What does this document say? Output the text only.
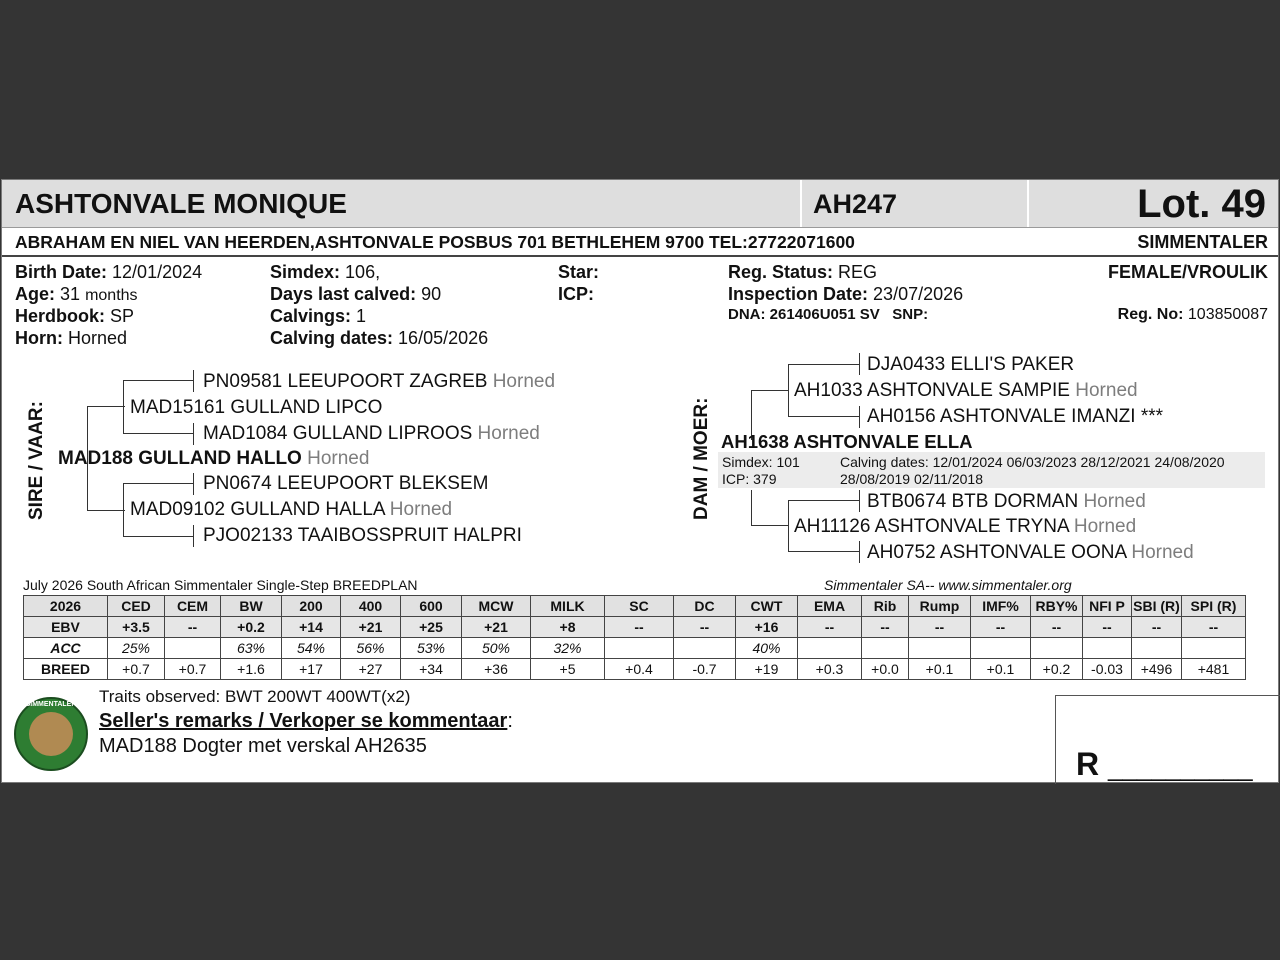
ASHTONVALE MONIQUE	AH247	Lot. 49
ABRAHAM EN NIEL VAN HEERDEN,ASHTONVALE POSBUS 701 BETHLEHEM 9700 TEL:27722071600	SIMMENTALER
Birth Date: 12/01/2024
Age: 31 months
Herdbook: SP
Horn: Horned
Simdex: 106,
Days last calved: 90
Calvings: 1
Calving dates: 16/05/2026
Star:
ICP:
Reg. Status: REG
Inspection Date: 23/07/2026
DNA: 261406U051 SV SNP:
FEMALE/VROULIK
Reg. No: 103850087
SIRE / VAAR:
PN09581 LEEUPOORT ZAGREB Horned
MAD15161 GULLAND LIPCO
MAD1084 GULLAND LIPROOS Horned
MAD188 GULLAND HALLO Horned
PN0674 LEEUPOORT BLEKSEM
MAD09102 GULLAND HALLA Horned
PJO02133 TAAIBOSSPRUIT HALPRI
DAM / MOER:
DJA0433 ELLI'S PAKER
AH1033 ASHTONVALE SAMPIE Horned
AH0156 ASHTONVALE IMANZI ***
AH1638 ASHTONVALE ELLA
Simdex: 101
ICP: 379
Calving dates: 12/01/2024 06/03/2023 28/12/2021 24/08/2020
28/08/2019 02/11/2018
BTB0674 BTB DORMAN Horned
AH11126 ASHTONVALE TRYNA Horned
AH0752 ASHTONVALE OONA Horned
July 2026 South African Simmentaler Single-Step BREEDPLAN	Simmentaler SA-- www.simmentaler.org
2026	CED	CEM	BW	200	400	600	MCW	MILK	SC	DC	CWT	EMA	Rib	Rump	IMF%	RBY%	NFI P	SBI (R)	SPI (R)
EBV	+3.5	--	+0.2	+14	+21	+25	+21	+8	--	--	+16	--	--	--	--	--	--	--	--
ACC	25%		63%	54%	56%	53%	50%	32%			40%								
BREED	+0.7	+0.7	+1.6	+17	+27	+34	+36	+5	+0.4	-0.7	+19	+0.3	+0.0	+0.1	+0.1	+0.2	-0.03	+496	+481
SIMMENTALER	Traits observed: BWT 200WT 400WT(x2)
Seller's remarks / Verkoper se kommentaar:
MAD188 Dogter met verskal AH2635	R __________
